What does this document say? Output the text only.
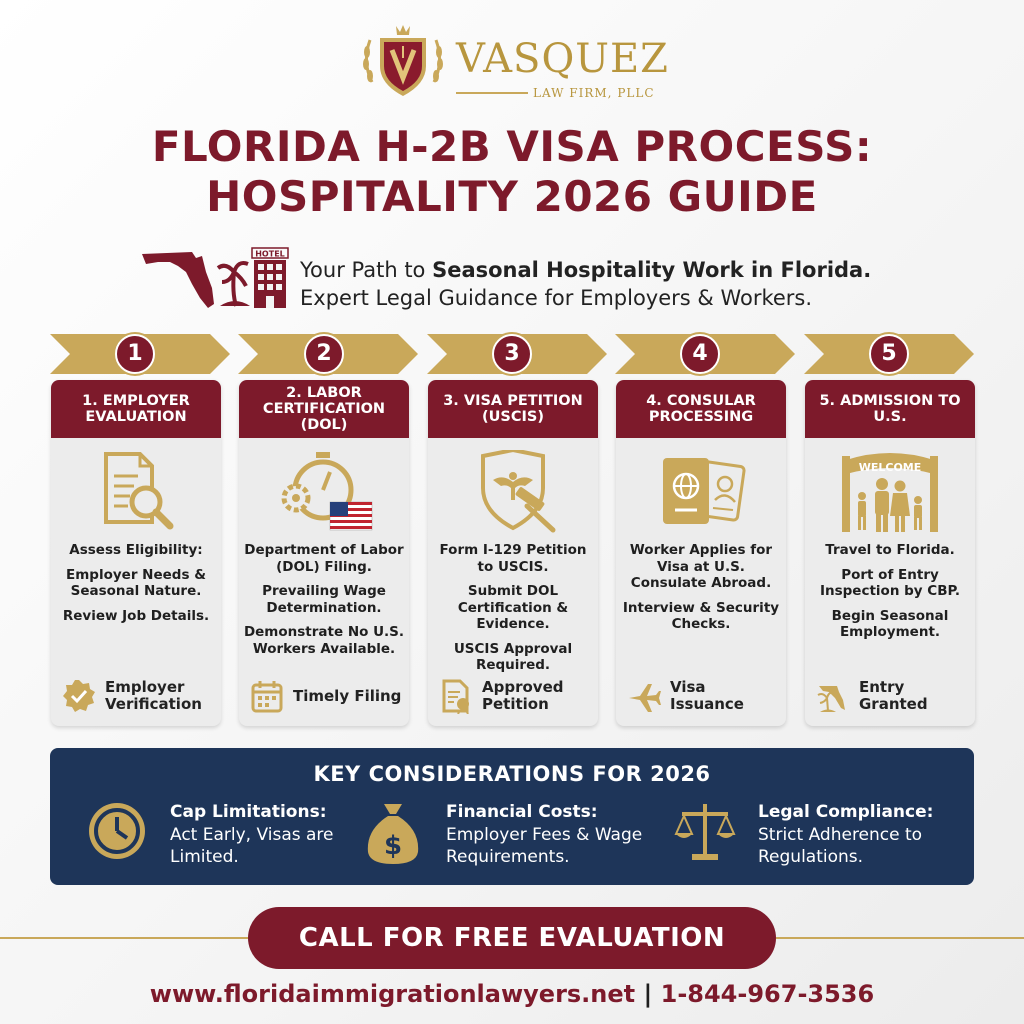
VASQUEZ
LAW FIRM, PLLC
FLORIDA H-2B VISA PROCESS:
HOSPITALITY 2026 GUIDE
HOTEL
Your Path to Seasonal Hospitality Work in Florida.
Expert Legal Guidance for Employers & Workers.
1
1. EMPLOYER EVALUATION

Assess Eligibility:

Employer Needs & Seasonal Nature.

Review Job Details.

Employer Verification
2
2. LABOR CERTIFICATION (DOL)

Department of Labor (DOL) Filing.

Prevailing Wage Determination.

Demonstrate No U.S. Workers Available.

Timely Filing
3
3. VISA PETITION (USCIS)

Form I-129 Petition to USCIS.

Submit DOL Certification & Evidence.

USCIS Approval Required.

Approved Petition
4
4. CONSULAR PROCESSING

Worker Applies for Visa at U.S. Consulate Abroad.

Interview & Security Checks.

Visa Issuance
5
5. ADMISSION TO U.S.
WELCOME

Travel to Florida.

Port of Entry Inspection by CBP.

Begin Seasonal Employment.

Entry Granted
KEY CONSIDERATIONS FOR 2026
Cap Limitations:
Act Early, Visas are Limited.	$
Financial Costs:
Employer Fees & Wage Requirements.
Legal Compliance:
Strict Adherence to Regulations.
CALL FOR FREE EVALUATION
www.floridaimmigrationlawyers.net | 1-844-967-3536
